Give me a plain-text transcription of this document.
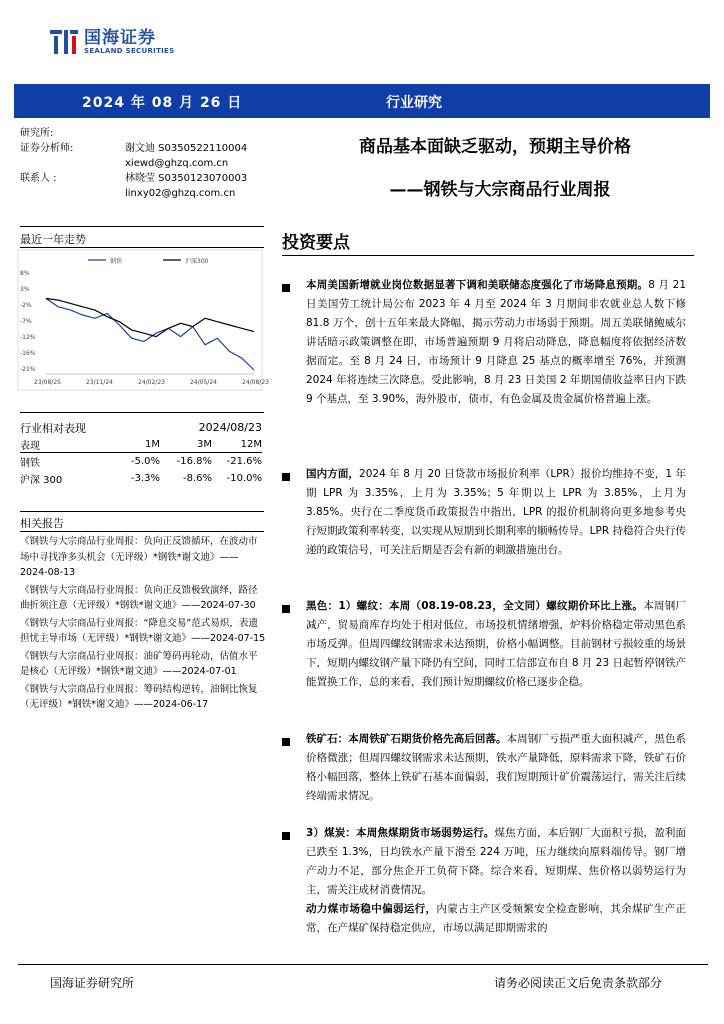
国海证券
SEALAND SECURITIES
2024 年 08 月 26 日	行业研究
研究所:
证券分析师:	谢文迪 S0350522110004
xiewd@ghzq.com.cn
联系人 :	林晓莹 S0350123070003
linxy02@ghzq.com.cn
商品基本面缺乏驱动，预期主导价格
——钢铁与大宗商品行业周报
最近一年走势
8%
3%
-2%
-7%
-12%
-16%
-21%
23/08/25	23/11/24	24/02/23	24/05/24	24/08/23
钢铁	沪深300
行业相对表现	2024/08/23
表现	1M	3M	12M
钢铁	-5.0%	-16.8%	-21.6%
沪深 300	-3.3%	-8.6%	-10.0%
相关报告
《钢铁与大宗商品行业周报：负向正反馈循环，在波动市场中寻找净多头机会（无评级）*钢铁*谢文迪》——2024-08-13
《钢铁与大宗商品行业周报：负向正反馈极致演绎，路径曲折须注意（无评级）*钢铁*谢文迪》——2024-07-30
《钢铁与大宗商品行业周报：“降息交易”范式易炽，表遗担忧主导市场（无评级）*钢铁*谢文迪》——2024-07-15
《钢铁与大宗商品行业周报：油矿筹码再轮动，估值水平是核心（无评级）*钢铁*谢文迪》——2024-07-01
《钢铁与大宗商品行业周报：筹码结构逆转，油铜比恢复（无评级）*钢铁*谢文迪》——2024-06-17
投资要点
本周美国新增就业岗位数据显著下调和美联储态度强化了市场降息预期。8 月 21 日美国劳工统计局公布 2023 年 4 月至 2024 年 3 月期间非农就业总人数下修 81.8 万个，创十五年来最大降幅，揭示劳动力市场弱于预期。周五美联储鲍威尔讲话暗示政策调整在即，市场普遍预期 9 月将启动降息，降息幅度将依据经济数据而定。至 8 月 24 日，市场预计 9 月降息 25 基点的概率增至 76%，并预测 2024 年将连续三次降息。受此影响，8 月 23 日美国 2 年期国债收益率日内下跌 9 个基点，至 3.90%，海外股市，债市，有色金属及贵金属价格普遍上涨。
国内方面，2024 年 8 月 20 日贷款市场报价利率（LPR）报价均维持不变，1 年期 LPR 为 3.35%，上月为 3.35%；5 年期以上 LPR 为 3.85%，上月为 3.85%。央行在二季度货币政策报告中指出，LPR 的报价机制将向更多地参考央行短期政策利率转变，以实现从短期到长期利率的顺畅传导。LPR 持稳符合央行传递的政策信号，可关注后期是否会有新的刺激措施出台。
黑色：1）螺纹：本周（08.19-08.23，全文同）螺纹期价环比上涨。本周钢厂减产，贸易商库存均处于相对低位，市场投机情绪增强，炉料价格稳定带动黑色系市场反弹。但周四螺纹钢需求未达预期，价格小幅调整。目前钢材亏损较重的场景下，短期内螺纹钢产量下降仍有空间，同时工信部宣布自 8 月 23 日起暂停钢铁产能置换工作，总的来看，我们预计短期螺纹价格已逐步企稳。
铁矿石：本周铁矿石期货价格先高后回落。本周钢厂亏损严重大面积减产，黑色系价格微涨；但周四螺纹钢需求未达预期，铁水产量降低，原料需求下降，铁矿石价格小幅回落，整体上铁矿石基本面偏弱，我们短期预计矿价震荡运行，需关注后续终端需求情况。
3）煤炭：本周焦煤期货市场弱势运行。煤焦方面，本后钢厂大面积亏损，盈利面已跌至 1.3%，日均铁水产量下滑至 224 万吨，压力继续向原料端传导。钢厂增产动力不足，部分焦企开工负荷下降。综合来看，短期煤、焦价格以弱势运行为主，需关注成材消费情况。
动力煤市场稳中偏弱运行，内蒙古主产区受频繁安全检查影响，其余煤矿生产正常，在产煤矿保持稳定供应，市场以满足即期需求的
国海证券研究所	请务必阅读正文后免责条款部分
